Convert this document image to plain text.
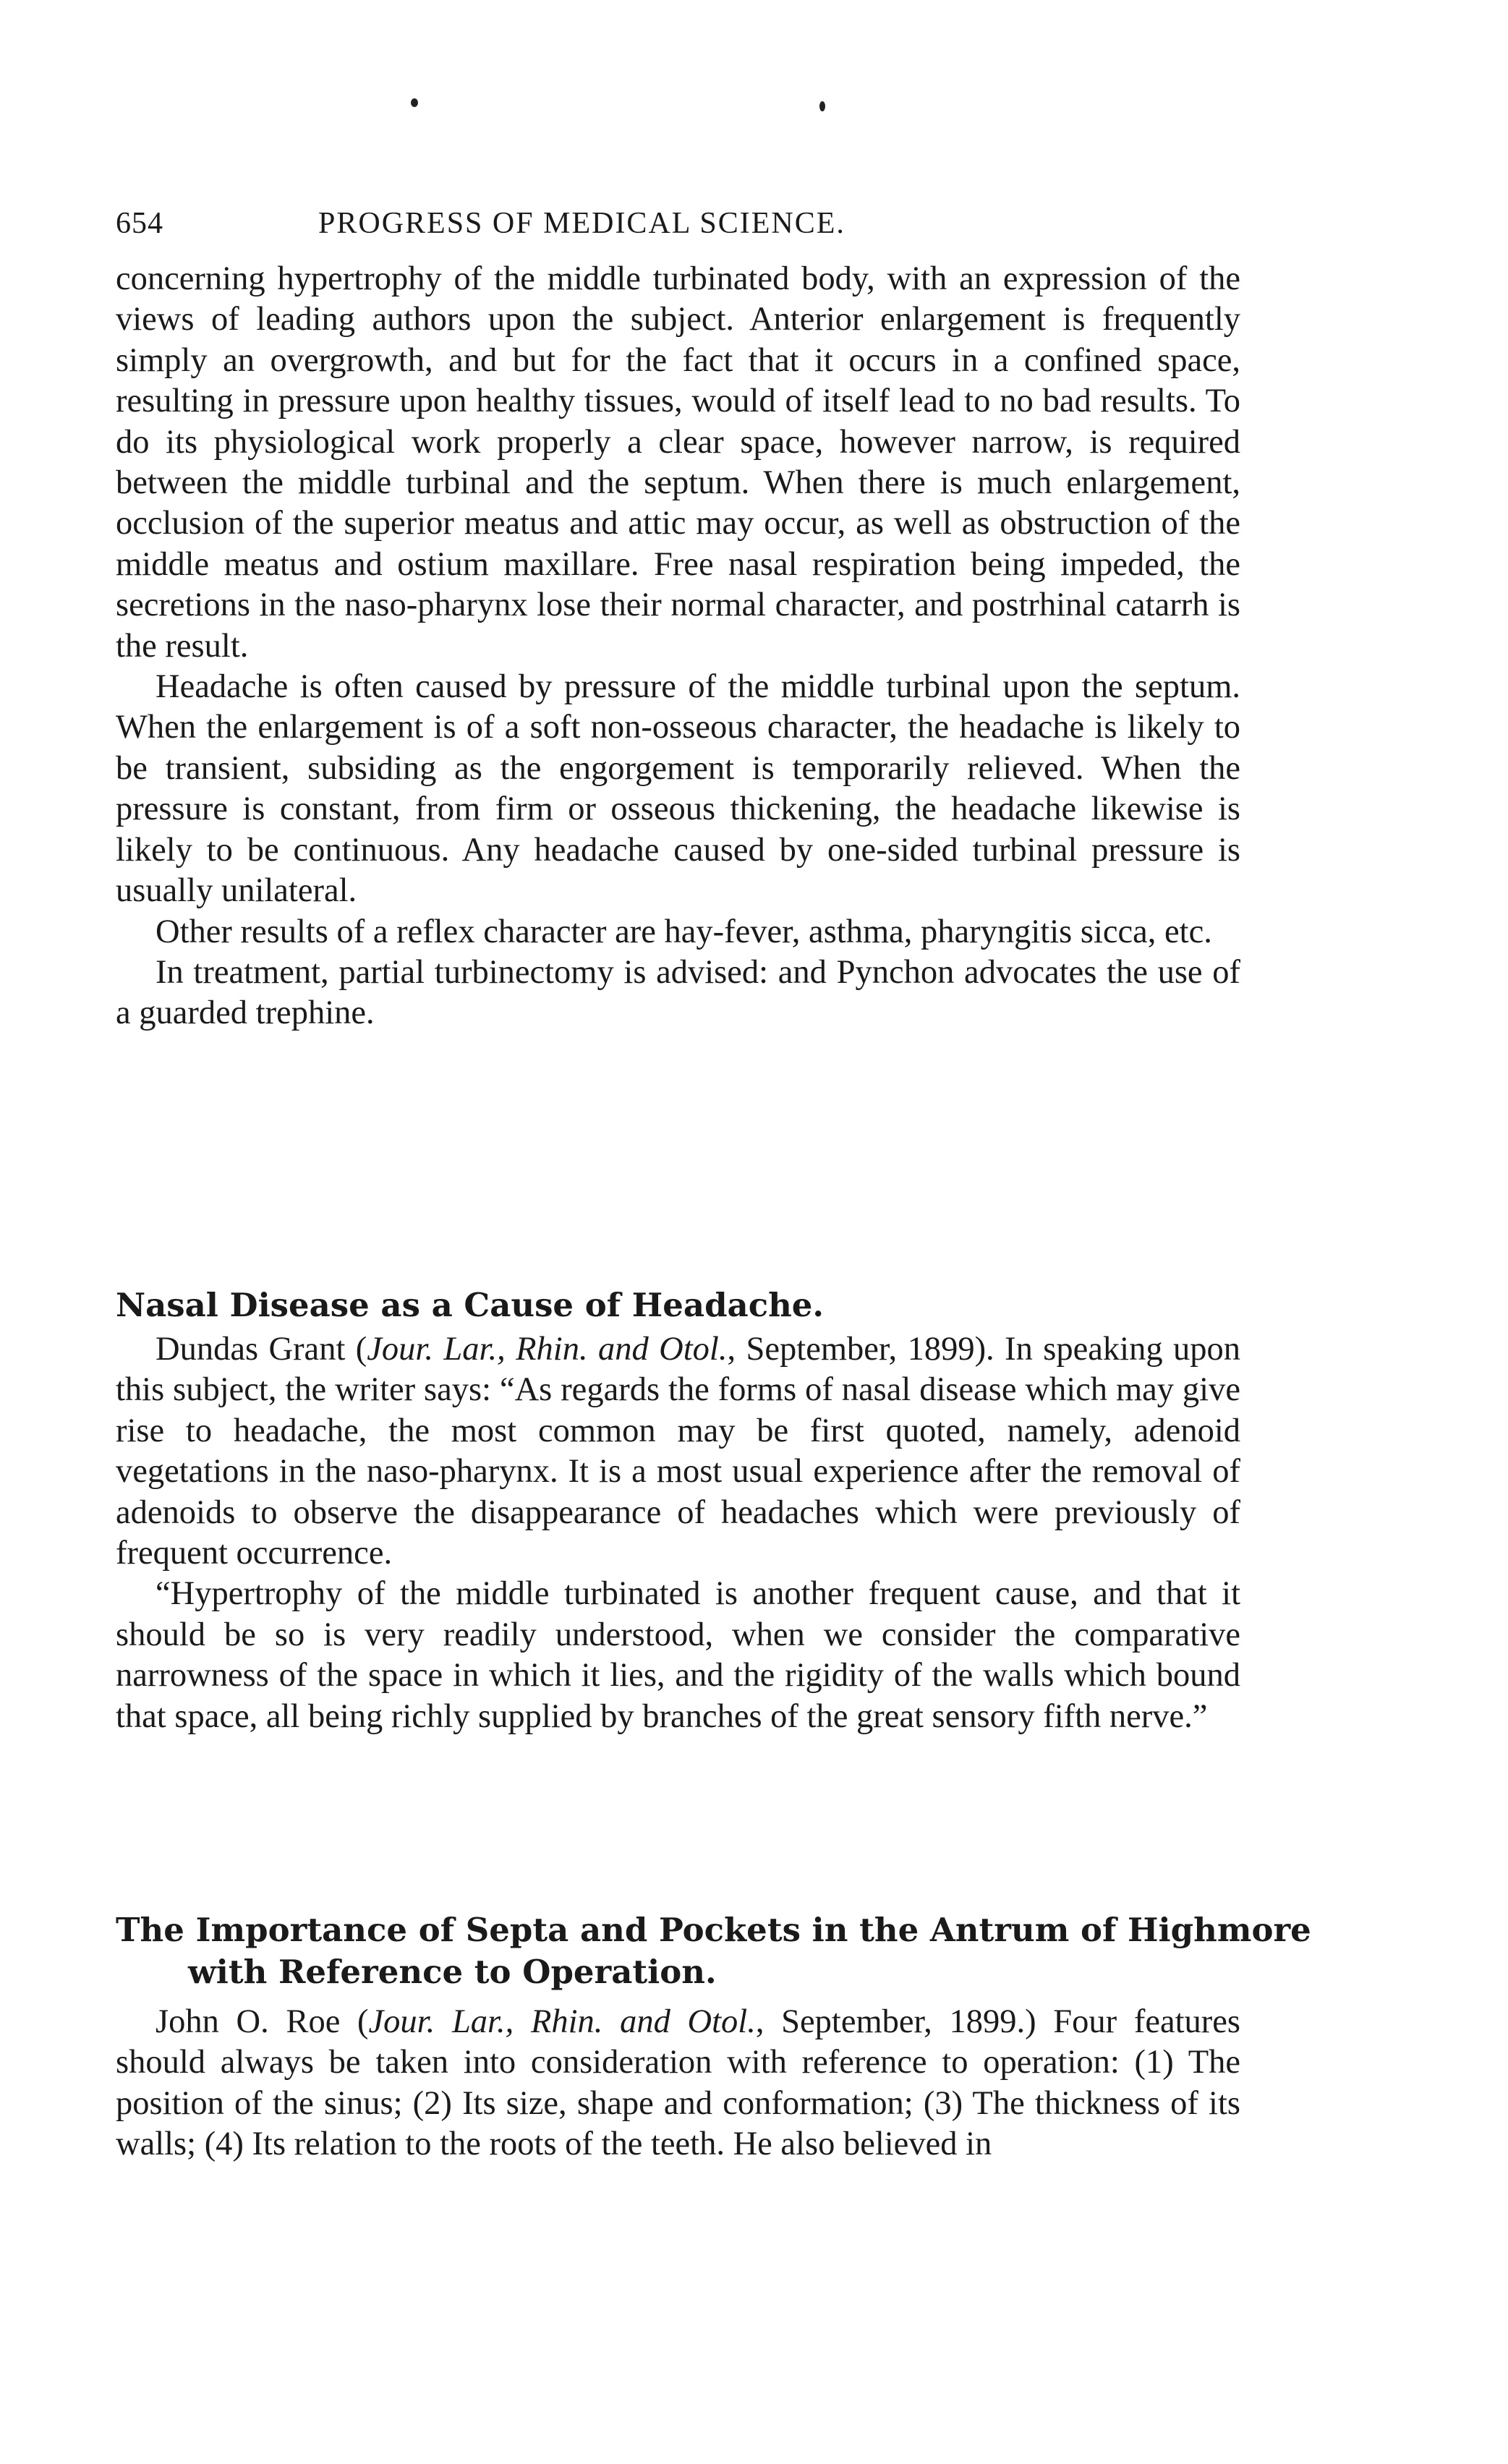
654	PROGRESS OF MEDICAL SCIENCE.

concerning hypertrophy of the middle turbinated body, with an expression of the views of leading authors upon the subject. Anterior enlargement is frequently simply an overgrowth, and but for the fact that it occurs in a confined space, resulting in pressure upon healthy tissues, would of itself lead to no bad results. To do its physiological work properly a clear space, however narrow, is required between the middle turbinal and the septum. When there is much enlargement, occlusion of the superior meatus and attic may occur, as well as obstruction of the middle meatus and ostium maxillare. Free nasal respiration being impeded, the secretions in the naso-pharynx lose their normal character, and postrhinal catarrh is the result.

Headache is often caused by pressure of the middle turbinal upon the septum. When the enlargement is of a soft non-osseous character, the headache is likely to be transient, subsiding as the engorgement is temporarily relieved. When the pressure is constant, from firm or osseous thickening, the headache likewise is likely to be continuous. Any headache caused by one-sided turbinal pressure is usually unilateral.

Other results of a reflex character are hay-fever, asthma, pharyngitis sicca, etc.

In treatment, partial turbinectomy is advised: and Pynchon advocates the use of a guarded trephine.

Nasal Disease as a Cause of Headache.

Dundas Grant (Jour. Lar., Rhin. and Otol., September, 1899). In speaking upon this subject, the writer says: “As regards the forms of nasal disease which may give rise to headache, the most common may be first quoted, namely, adenoid vegetations in the naso-pharynx. It is a most usual experience after the removal of adenoids to observe the disappearance of headaches which were previously of frequent occurrence.

“Hypertrophy of the middle turbinated is another frequent cause, and that it should be so is very readily understood, when we consider the comparative narrowness of the space in which it lies, and the rigidity of the walls which bound that space, all being richly supplied by branches of the great sensory fifth nerve.”

The Importance of Septa and Pockets in the Antrum of Highmore with Reference to Operation.

John O. Roe (Jour. Lar., Rhin. and Otol., September, 1899.) Four features should always be taken into consideration with reference to operation: (1) The position of the sinus; (2) Its size, shape and conformation; (3) The thickness of its walls; (4) Its relation to the roots of the teeth. He also believed in
